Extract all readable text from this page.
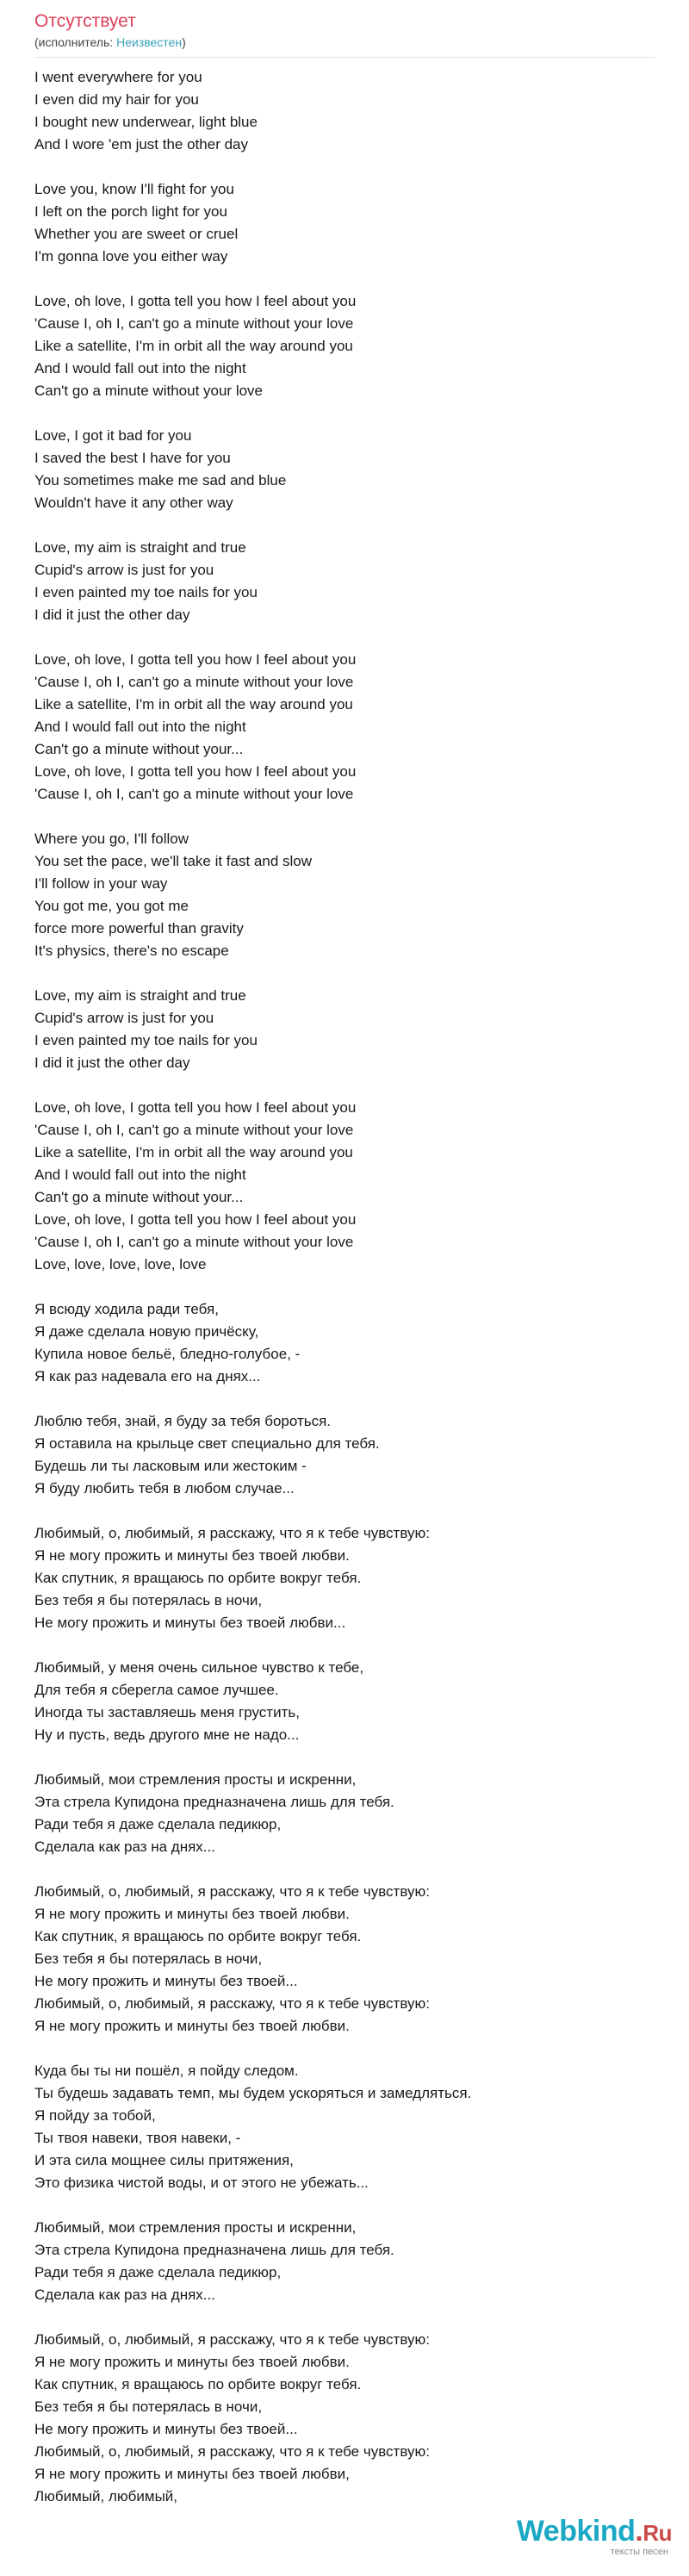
Отсутствует
(исполнитель: Неизвестен)
I went everywhere for you
I even did my hair for you
I bought new underwear, light blue
And I wore 'em just the other day
Love you, know I'll fight for you
I left on the porch light for you
Whether you are sweet or cruel
I'm gonna love you either way
Love, oh love, I gotta tell you how I feel about you
'Cause I, oh I, can't go a minute without your love
Like a satellite, I'm in orbit all the way around you
And I would fall out into the night
Can't go a minute without your love
Love, I got it bad for you
I saved the best I have for you
You sometimes make me sad and blue
Wouldn't have it any other way
Love, my aim is straight and true
Cupid's arrow is just for you
I even painted my toe nails for you
I did it just the other day
Love, oh love, I gotta tell you how I feel about you
'Cause I, oh I, can't go a minute without your love
Like a satellite, I'm in orbit all the way around you
And I would fall out into the night
Can't go a minute without your...
Love, oh love, I gotta tell you how I feel about you
'Cause I, oh I, can't go a minute without your love
Where you go, I'll follow
You set the pace, we'll take it fast and slow
I'll follow in your way
You got me, you got me
force more powerful than gravity
It's physics, there's no escape
Love, my aim is straight and true
Cupid's arrow is just for you
I even painted my toe nails for you
I did it just the other day
Love, oh love, I gotta tell you how I feel about you
'Cause I, oh I, can't go a minute without your love
Like a satellite, I'm in orbit all the way around you
And I would fall out into the night
Can't go a minute without your...
Love, oh love, I gotta tell you how I feel about you
'Cause I, oh I, can't go a minute without your love
Love, love, love, love, love
Я всюду ходила ради тебя,
Я даже сделала новую причёску,
Купила новое бельё, бледно-голубое, -
Я как раз надевала его на днях...
Люблю тебя, знай, я буду за тебя бороться.
Я оставила на крыльце свет специально для тебя.
Будешь ли ты ласковым или жестоким -
Я буду любить тебя в любом случае...
Любимый, о, любимый, я расскажу, что я к тебе чувствую:
Я не могу прожить и минуты без твоей любви.
Как спутник, я вращаюсь по орбите вокруг тебя.
Без тебя я бы потерялась в ночи,
Не могу прожить и минуты без твоей любви...
Любимый, у меня очень сильное чувство к тебе,
Для тебя я сберегла самое лучшее.
Иногда ты заставляешь меня грустить,
Ну и пусть, ведь другого мне не надо...
Любимый, мои стремления просты и искренни,
Эта стрела Купидона предназначена лишь для тебя.
Ради тебя я даже сделала педикюр,
Сделала как раз на днях...
Любимый, о, любимый, я расскажу, что я к тебе чувствую:
Я не могу прожить и минуты без твоей любви.
Как спутник, я вращаюсь по орбите вокруг тебя.
Без тебя я бы потерялась в ночи,
Не могу прожить и минуты без твоей...
Любимый, о, любимый, я расскажу, что я к тебе чувствую:
Я не могу прожить и минуты без твоей любви.
Куда бы ты ни пошёл, я пойду следом.
Ты будешь задавать темп, мы будем ускоряться и замедляться.
Я пойду за тобой,
Ты твоя навеки, твоя навеки, -
И эта сила мощнее силы притяжения,
Это физика чистой воды, и от этого не убежать...
Любимый, мои стремления просты и искренни,
Эта стрела Купидона предназначена лишь для тебя.
Ради тебя я даже сделала педикюр,
Сделала как раз на днях...
Любимый, о, любимый, я расскажу, что я к тебе чувствую:
Я не могу прожить и минуты без твоей любви.
Как спутник, я вращаюсь по орбите вокруг тебя.
Без тебя я бы потерялась в ночи,
Не могу прожить и минуты без твоей...
Любимый, о, любимый, я расскажу, что я к тебе чувствую:
Я не могу прожить и минуты без твоей любви,
Любимый, любимый,
Webkind.Ru
тексты песен
